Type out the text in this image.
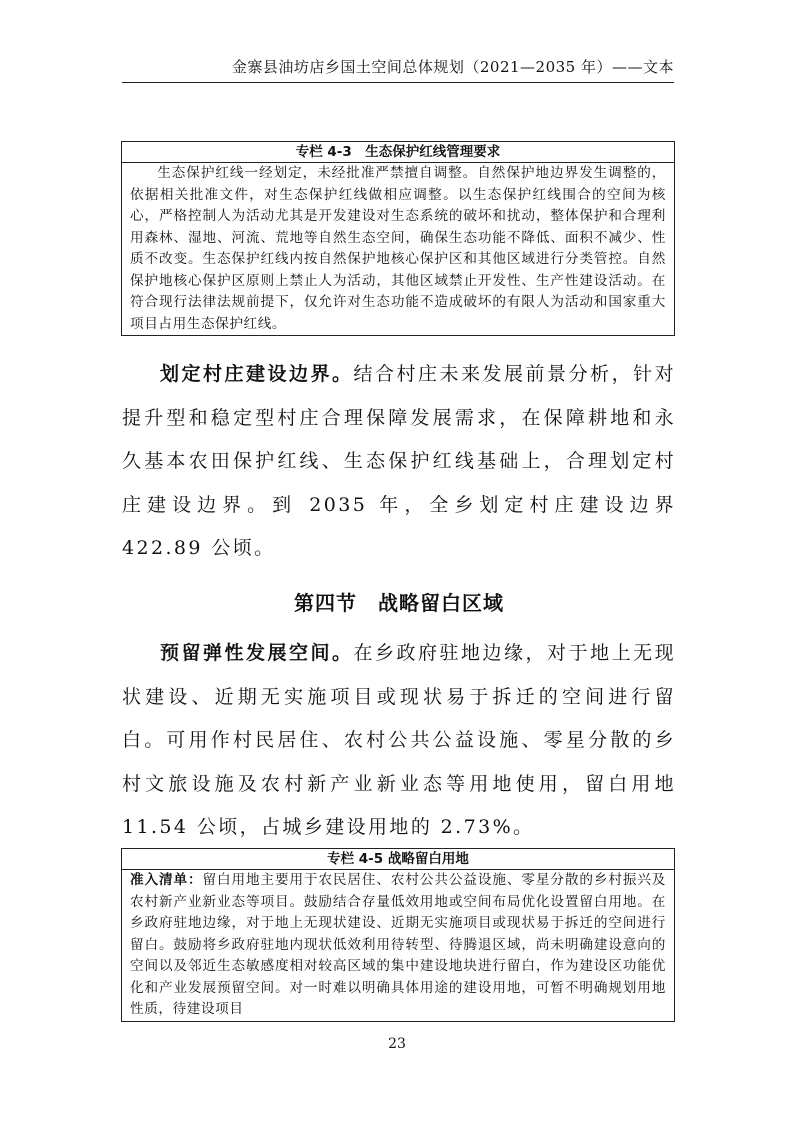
金寨县油坊店乡国土空间总体规划（2021—2035 年）——文本
专栏 4-3　生态保护红线管理要求

生态保护红线一经划定，未经批准严禁擅自调整。自然保护地边界发生调整的，依据相关批准文件，对生态保护红线做相应调整。以生态保护红线围合的空间为核心，严格控制人为活动尤其是开发建设对生态系统的破坏和扰动，整体保护和合理利用森林、湿地、河流、荒地等自然生态空间，确保生态功能不降低、面积不减少、性质不改变。生态保护红线内按自然保护地核心保护区和其他区域进行分类管控。自然保护地核心保护区原则上禁止人为活动，其他区域禁止开发性、生产性建设活动。在符合现行法律法规前提下，仅允许对生态功能不造成破坏的有限人为活动和国家重大项目占用生态保护红线。

划定村庄建设边界。结合村庄未来发展前景分析，针对提升型和稳定型村庄合理保障发展需求，在保障耕地和永久基本农田保护红线、生态保护红线基础上，合理划定村庄建设边界。到 2035 年，全乡划定村庄建设边界 422.89 公顷。

第四节　战略留白区域

预留弹性发展空间。在乡政府驻地边缘，对于地上无现状建设、近期无实施项目或现状易于拆迁的空间进行留白。可用作村民居住、农村公共公益设施、零星分散的乡村文旅设施及农村新产业新业态等用地使用，留白用地 11.54 公顷，占城乡建设用地的 2.73%。

专栏 4-5 战略留白用地

准入清单：留白用地主要用于农民居住、农村公共公益设施、零星分散的乡村振兴及农村新产业新业态等项目。鼓励结合存量低效用地或空间布局优化设置留白用地。在乡政府驻地边缘，对于地上无现状建设、近期无实施项目或现状易于拆迁的空间进行留白。鼓励将乡政府驻地内现状低效利用待转型、待腾退区域，尚未明确建设意向的空间以及邻近生态敏感度相对较高区域的集中建设地块进行留白，作为建设区功能优化和产业发展预留空间。对一时难以明确具体用途的建设用地，可暂不明确规划用地性质，待建设项目

23
